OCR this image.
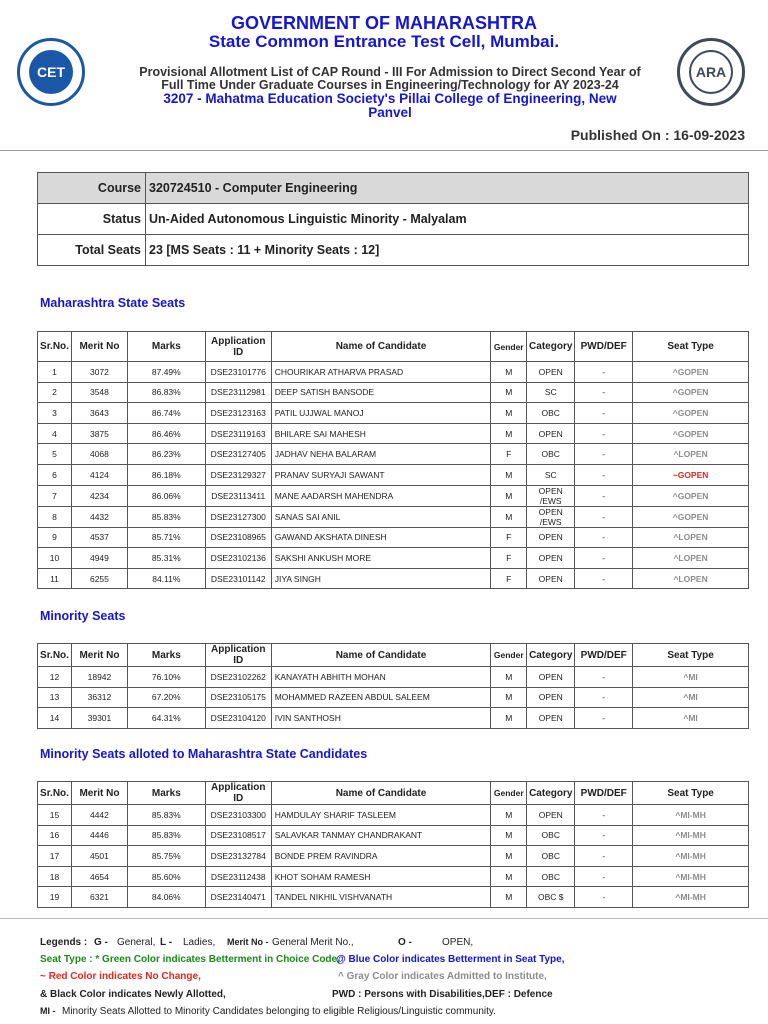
CET	ARA
GOVERNMENT OF MAHARASHTRA
State Common Entrance Test Cell, Mumbai.
Provisional Allotment List of CAP Round - III For Admission to Direct Second Year of
Full Time Under Graduate Courses in Engineering/Technology for AY 2023-24
3207 - Mahatma Education Society's Pillai College of Engineering, New
Panvel
Published On : 16-09-2023
Course	320724510 - Computer Engineering
Status	Un-Aided Autonomous Linguistic Minority - Malyalam
Total Seats	23 [MS Seats : 11 + Minority Seats : 12]
Maharashtra State Seats
Sr.No.	Merit No	Marks	Application ID	Name of Candidate	Gender	Category	PWD/DEF	Seat Type
1	3072	87.49%	DSE23101776	CHOURIKAR ATHARVA PRASAD	M	OPEN	-	^GOPEN
2	3548	86.83%	DSE23112981	DEEP SATISH BANSODE	M	SC	-	^GOPEN
3	3643	86.74%	DSE23123163	PATIL UJJWAL MANOJ	M	OBC	-	^GOPEN
4	3875	86.46%	DSE23119163	BHILARE SAI MAHESH	M	OPEN	-	^GOPEN
5	4068	86.23%	DSE23127405	JADHAV NEHA BALARAM	F	OBC	-	^LOPEN
6	4124	86.18%	DSE23129327	PRANAV SURYAJI SAWANT	M	SC	-	~GOPEN
7	4234	86.06%	DSE23113411	MANE AADARSH MAHENDRA	M	OPEN /EWS	-	^GOPEN
8	4432	85.83%	DSE23127300	SANAS SAI ANIL	M	OPEN /EWS	-	^GOPEN
9	4537	85.71%	DSE23108965	GAWAND AKSHATA DINESH	F	OPEN	-	^LOPEN
10	4949	85.31%	DSE23102136	SAKSHI ANKUSH MORE	F	OPEN	-	^LOPEN
11	6255	84.11%	DSE23101142	JIYA SINGH	F	OPEN	-	^LOPEN
Minority Seats
Sr.No.	Merit No	Marks	Application ID	Name of Candidate	Gender	Category	PWD/DEF	Seat Type
12	18942	76.10%	DSE23102262	KANAYATH ABHITH MOHAN	M	OPEN	-	^MI
13	36312	67.20%	DSE23105175	MOHAMMED RAZEEN ABDUL SALEEM	M	OPEN	-	^MI
14	39301	64.31%	DSE23104120	IVIN SANTHOSH	M	OPEN	-	^MI
Minority Seats alloted to Maharashtra State Candidates
Sr.No.	Merit No	Marks	Application ID	Name of Candidate	Gender	Category	PWD/DEF	Seat Type
15	4442	85.83%	DSE23103300	HAMDULAY SHARIF TASLEEM	M	OPEN	-	^MI-MH
16	4446	85.83%	DSE23108517	SALAVKAR TANMAY CHANDRAKANT	M	OBC	-	^MI-MH
17	4501	85.75%	DSE23132784	BONDE PREM RAVINDRA	M	OBC	-	^MI-MH
18	4654	85.60%	DSE23112438	KHOT SOHAM RAMESH	M	OBC	-	^MI-MH
19	6321	84.06%	DSE23140471	TANDEL NIKHIL VISHVANATH	M	OBC $	-	^MI-MH
Legends : G - General, L - Ladies, Merit No - General Merit No.,	O -	OPEN,
Seat Type : * Green Color indicates Betterment in Choice Code,
@ Blue Color indicates Betterment in Seat Type,
~ Red Color indicates No Change,	^ Gray Color indicates Admitted to Institute,
& Black Color indicates Newly Allotted,	PWD : Persons with Disabilities,DEF : Defence
MI - Minority Seats Allotted to Minority Candidates belonging to eligible Religious/Linguistic community.
